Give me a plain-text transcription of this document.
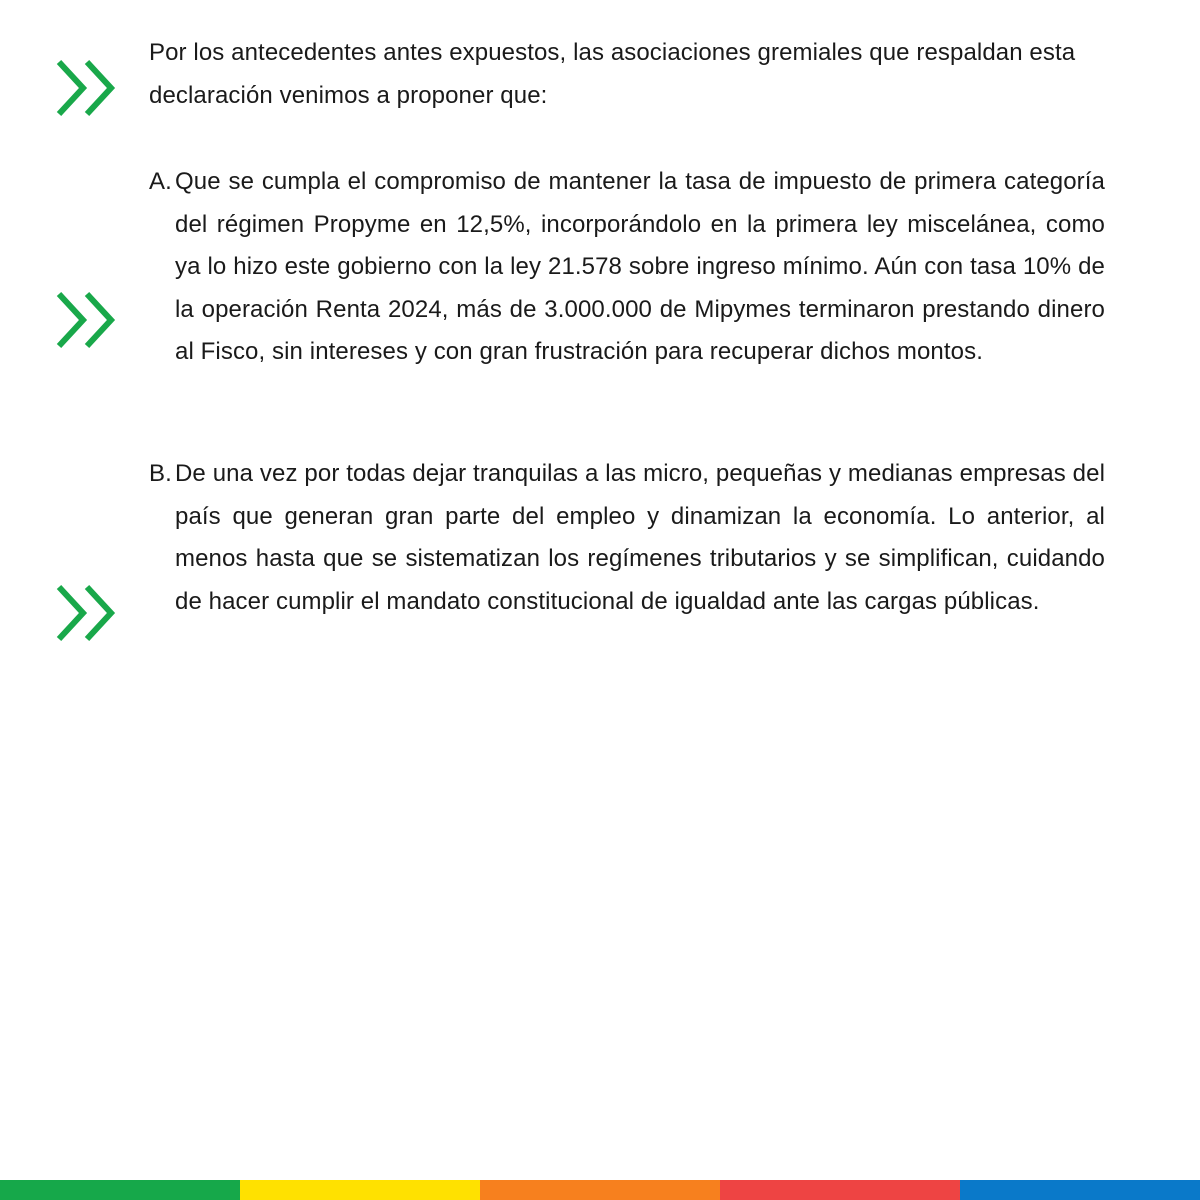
Por los antecedentes antes expuestos, las asociaciones gremiales que respaldan esta declaración venimos a proponer que:

A. Que se cumpla el compromiso de mantener la tasa de impuesto de primera categoría del régimen Propyme en 12,5%, incorporándolo en la primera ley miscelánea, como ya lo hizo este gobierno con la ley 21.578 sobre ingreso mínimo. Aún con tasa 10% de la operación Renta 2024, más de 3.000.000 de Mipymes terminaron prestando dinero al Fisco, sin intereses y con gran frustración para recuperar dichos montos.
B. De una vez por todas dejar tranquilas a las micro, pequeñas y medianas empresas del país que generan gran parte del empleo y dinamizan la economía. Lo anterior, al menos hasta que se sistematizan los regímenes tributarios y se simplifican, cuidando de hacer cumplir el mandato constitucional de igualdad ante las cargas públicas.
